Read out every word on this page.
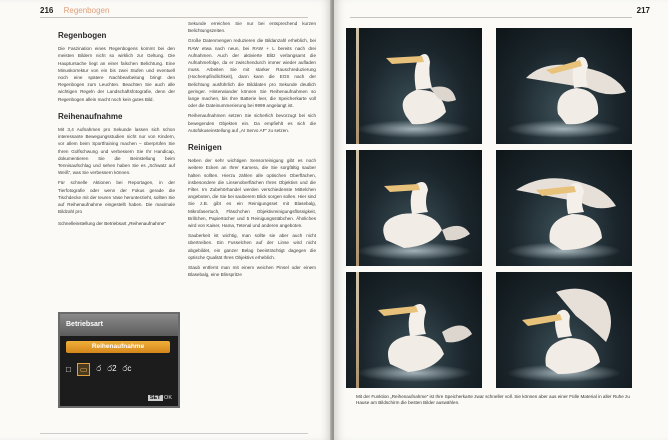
216 Regenbogen
Regenbogen

Die Faszination eines Regenbogens kommt bei den meisten Bildern nicht so wirklich zur Geltung. Die Hauptursache liegt an einer falschen Belichtung. Eine Minuskorrektur von ein bis zwei Stufen und eventuell noch eine spätere Nachbearbeitung bringt den Regenbogen zum Leuchten. Beachten Sie auch alle wichtigen Regeln der Landschaftsfotografie, denn der Regenbogen allein macht noch kein gutes Bild.

Reihenaufnahme

Mit 3,4 Aufnahmen pro Sekunde lassen sich schon interessante Bewegungsstudien nicht nur von Kindern, vor allem beim Sportfraining machen – überprüfen Sie Ihren Golfschwung und verbessern Sie Ihr Handicap, dokumentieren Sie die Beinstellung beim Tennisaufschlag und sehen haben Sie es „Schwatz auf Weiß“, was Sie verbessern können.

Für schnelle Aktionen bei Reportagen, in der Tierfotografie oder wenn der Fokus gerade die Tischdecke mit der teuren Vase herunterzieht, sollten Sie auf Reihenaufnahme eingestellt haben. Die maximale Bildzahl pro

Schnelleinstellung der Betriebsart „Reihenaufnahme“
Betriebsart
Reihenaufnahme
□	▭	ර ර2 රc
SET OK

Sekunde erreichen Sie nur bei entsprechend kurzen Belichtungszeiten.

Große Datenmengen reduzieren die Bildanzahl erheblich, bei RAW etwa nach neun, bei RAW + L bereits nach drei Aufnahmen. Auch der aktivierte Blitz verlangsamt die Aufnahmefolge, da er zwischendurch immer wieder aufladen muss. Arbeiten Sie mit starker Rauschreduzierung (Hochempfindlichkeit), dann kann die EOS nach der Belichtung ausführlich die Bilddaten pro Sekunde deutlich geringer. Hinterwiander können Sie Reihenaufnahmen so lange machen, bis Ihre Batterie leer, die Speicherkarte voll oder die Dateinummerierung bei 9999 angelangt ist.

Reihenaufnahmen setzen Sie sicherlich bevorzugt bei sich bewegenden Objekten ein. Da empfiehlt es sich die Autofokuseinstellung auf „AI Servo AF“ zu setzen.

Reinigen

Neben der sehr wichtigen Sensorreinigung gibt es noch weitere Ecken an Ihrer Kamera, die Sie sorgfältig sauber halten sollten. Hierzu zählen alle optischen Oberflächen, insbesondere die Linsenoberflächen Ihres Objektivs und die Filter. Im Zubehörhandel werden verschiedenste Mittelchen angeboten, die Sie bei sauberem Blick sorgen sollen. Hier sind Sie z.B. gibt es ein Reinigungsset mit Blasebalg, Mikrofasertuch, Fläschchen Objektivreinigungsflüssigkeit, Brillchen, Papiertücher und 5 Reinigungsstäbchen. Ähnliches wird von Kaiser, Hama, Tetenal und anderen angeboten.

Sauberkeit ist wichtig, man sollte sie aber auch nicht übertreiben. Ein Fusselchen auf der Linse wird nicht abgebildet, ein ganzer Belag beeinträchtigt dagegen die optische Qualität Ihres Objektivs erheblich.

Staub entfernt man mit einem weichen Pinsel oder einem Blasebalg, eine Blinspritze

217
Mit der Funktion „Reihenaufnahme“ ist Ihre Speicherkarte zwar schneller voll. Sie können aber aus einer Fülle Material in aller Ruhe zu Hause am Bildschirm die besten Bilder auswählen.
